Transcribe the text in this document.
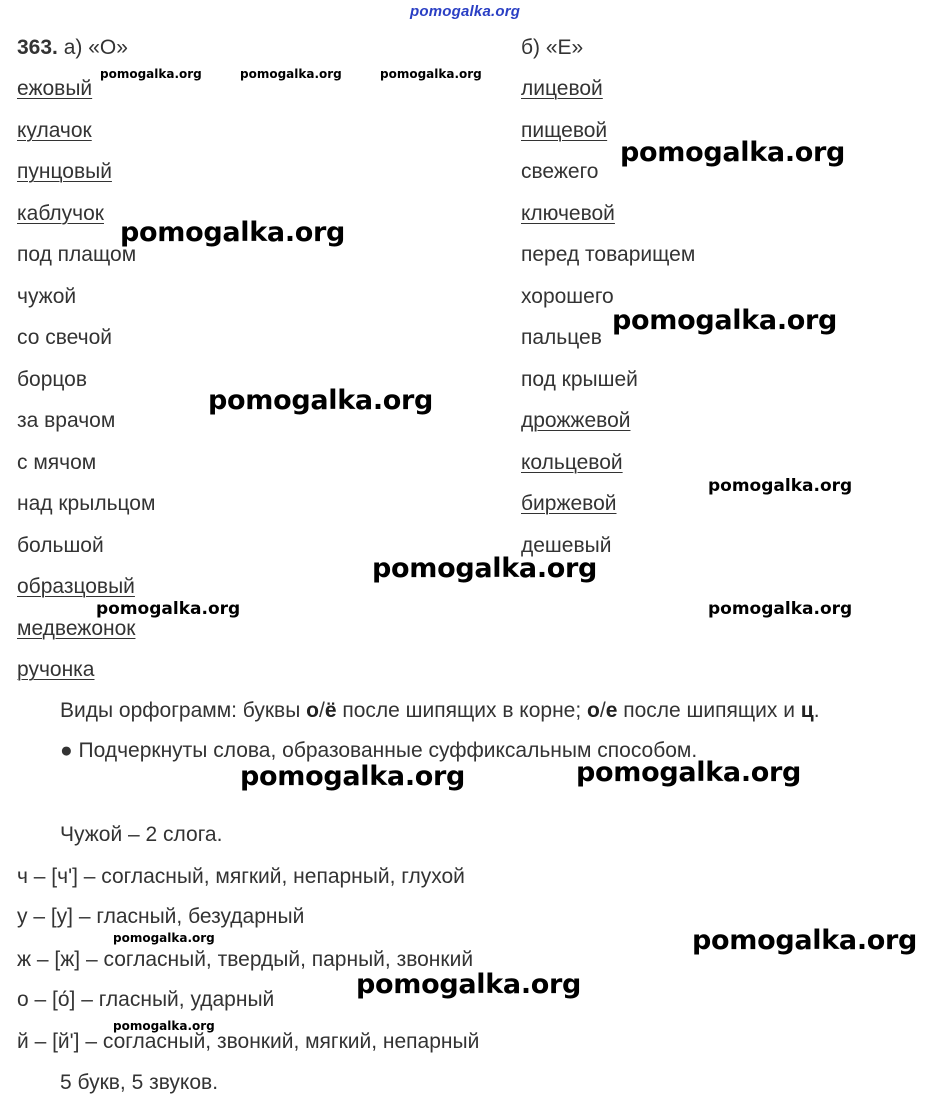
pomogalka.org
363. а) «О»	б) «Е»
ежовый
кулачок
пунцовый
каблучок
под плащом
чужой
со свечой
борцов
за врачом
с мячом
над крыльцом
большой
образцовый
медвежонок
ручонка
лицевой
пищевой
свежего
ключевой
перед товарищем
хорошего
пальцев
под крышей
дрожжевой
кольцевой
биржевой
дешевый
Виды орфограмм: буквы о/ё после шипящих в корне; о/е после шипящих и ц.
● Подчеркнуты слова, образованные суффиксальным способом.
Чужой – 2 слога.
ч – [ч'] – согласный, мягкий, непарный, глухой
у – [у] – гласный, безударный
ж – [ж] – согласный, твердый, парный, звонкий
о – [о́] – гласный, ударный
й – [й'] – согласный, звонкий, мягкий, непарный
5 букв, 5 звуков.
pomogalka.org	pomogalka.org	pomogalka.org
pomogalka.org
pomogalka.org
pomogalka.org
pomogalka.org
pomogalka.org
pomogalka.org
pomogalka.org	pomogalka.org
pomogalka.org	pomogalka.org
pomogalka.org	pomogalka.org
pomogalka.org
pomogalka.org
